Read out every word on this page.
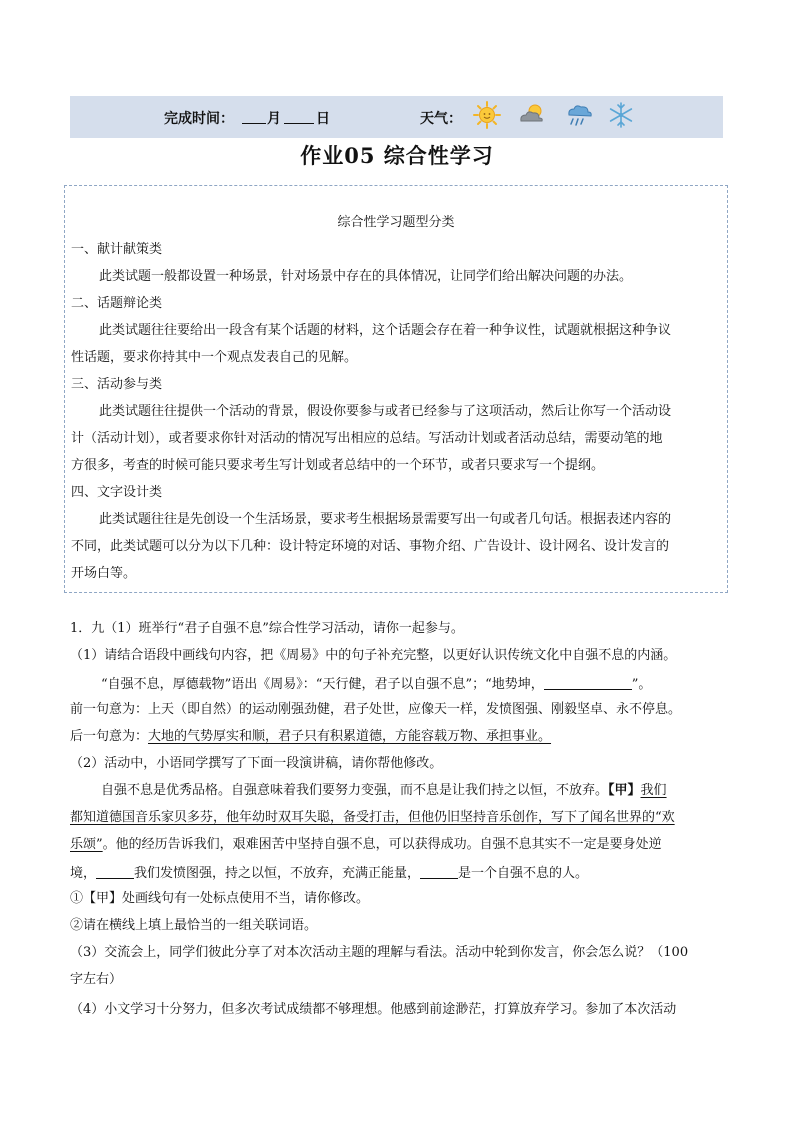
完成时间： 月	日	天气：
作业05 综合性学习
综合性学习题型分类
一、献计献策类
此类试题一般都设置一种场景，针对场景中存在的具体情况，让同学们给出解决问题的办法。
二、话题辩论类
此类试题往往要给出一段含有某个话题的材料，这个话题会存在着一种争议性，试题就根据这种争议
性话题，要求你持其中一个观点发表自己的见解。
三、活动参与类
此类试题往往提供一个活动的背景，假设你要参与或者已经参与了这项活动，然后让你写一个活动设
计（活动计划），或者要求你针对活动的情况写出相应的总结。写活动计划或者活动总结，需要动笔的地
方很多，考查的时候可能只要求考生写计划或者总结中的一个环节，或者只要求写一个提纲。
四、文字设计类
此类试题往往是先创设一个生活场景，要求考生根据场景需要写出一句或者几句话。根据表述内容的
不同，此类试题可以分为以下几种：设计特定环境的对话、事物介绍、广告设计、设计网名、设计发言的
开场白等。
1．九（1）班举行“君子自强不息”综合性学习活动，请你一起参与。
（1）请结合语段中画线句内容，把《周易》中的句子补充完整，以更好认识传统文化中自强不息的内涵。
“自强不息，厚德载物”语出《周易》：“天行健，君子以自强不息”；“地势坤，	”。
前一句意为：上天（即自然）的运动刚强劲健，君子处世，应像天一样，发愤图强、刚毅坚卓、永不停息。
后一句意为：大地的气势厚实和顺，君子只有积累道德，方能容载万物、承担事业。
（2）活动中，小语同学撰写了下面一段演讲稿，请你帮他修改。
自强不息是优秀品格。自强意味着我们要努力变强，而不息是让我们持之以恒，不放弃。【甲】我们
都知道德国音乐家贝多芬，他年幼时双耳失聪，备受打击，但他仍旧坚持音乐创作，写下了闻名世界的“欢
乐颂”。他的经历告诉我们，艰难困苦中坚持自强不息，可以获得成功。自强不息其实不一定是要身处逆
境，	我们发愤图强，持之以恒，不放弃，充满正能量，	是一个自强不息的人。
①【甲】处画线句有一处标点使用不当，请你修改。
②请在横线上填上最恰当的一组关联词语。
（3）交流会上，同学们彼此分享了对本次活动主题的理解与看法。活动中轮到你发言，你会怎么说？（100
字左右）
（4）小文学习十分努力，但多次考试成绩都不够理想。他感到前途渺茫，打算放弃学习。参加了本次活动
